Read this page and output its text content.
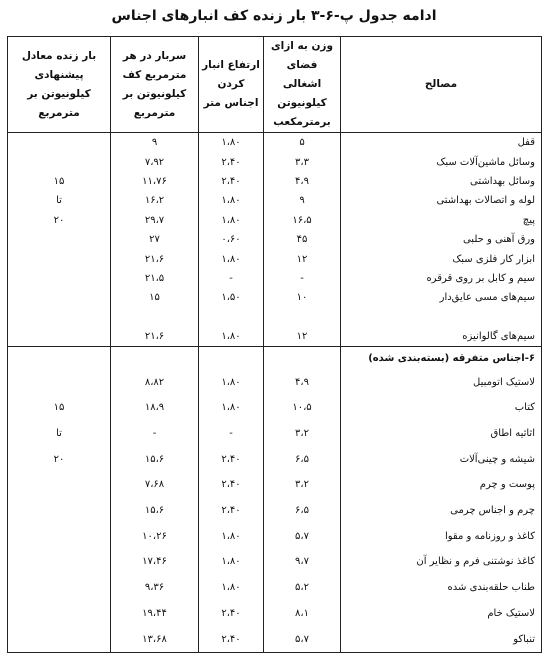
ادامه جدول پ-۶-۳ بار زنده کف انبارهای اجناس
مصالح	وزن به ازای فضای اشغالی کیلونیوتن برمترمکعب	ارتفاع انبار کردن اجناس متر	سربار در هر مترمربع کف کیلونیوتن بر مترمربع	بار زنده معادل پیشنهادی کیلونیوتن بر مترمربع
قفل	۵	۱،۸۰	۹	
وسائل ماشین‌آلات سبک	۳،۳	۲،۴۰	۷،۹۲	
وسائل بهداشتی	۴،۹	۲،۴۰	۱۱،۷۶	۱۵
لوله و اتصالات بهداشتی	۹	۱،۸۰	۱۶،۲	تا
پیچ	۱۶،۵	۱،۸۰	۲۹،۷	۲۰
ورق آهنی و حلبی	۴۵	۰،۶۰	۲۷	
ابزار کار فلزی سبک	۱۲	۱،۸۰	۲۱،۶	
سیم و کابل بر روی قرقره	-	-	۲۱،۵	
سیم‌های مسی عایق‌دار	۱۰	۱،۵۰	۱۵	

سیم‌های گالوانیزه	۱۲	۱،۸۰	۲۱،۶	
۶-اجناس متفرقه (بسته‌بندی شده)				
لاستیک اتومبیل	۴،۹	۱،۸۰	۸،۸۲	
کتاب	۱۰،۵	۱،۸۰	۱۸،۹	۱۵
اثاثیه اطاق	۳،۲	-	-	تا
شیشه و چینی‌آلات	۶،۵	۲،۴۰	۱۵،۶	۲۰
پوست و چرم	۳،۲	۲،۴۰	۷،۶۸	
چرم و اجناس چرمی	۶،۵	۲،۴۰	۱۵،۶	
کاغذ و روزنامه و مقوا	۵،۷	۱،۸۰	۱۰،۲۶	
کاغذ نوشتنی فرم و نظایر آن	۹،۷	۱،۸۰	۱۷،۴۶	
طناب حلقه‌بندی شده	۵،۲	۱،۸۰	۹،۳۶	
لاستیک خام	۸،۱	۲،۴۰	۱۹،۴۴	
تنباکو	۵،۷	۲،۴۰	۱۳،۶۸	
